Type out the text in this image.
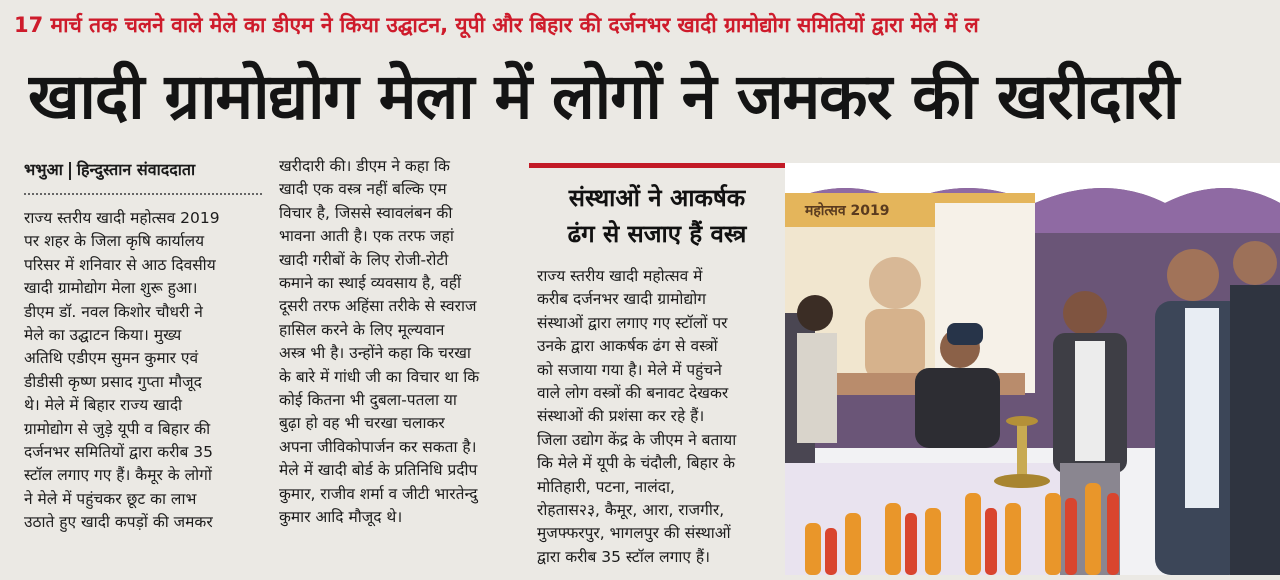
17 मार्च तक चलने वाले मेले का डीएम ने किया उद्घाटन, यूपी और बिहार की दर्जनभर खादी ग्रामोद्योग समितियों द्वारा मेले में ल
खादी ग्रामोद्योग मेला में लोगों ने जमकर की खरीदारी
भभुआ हिन्दुस्तान संवाददाता

राज्य स्तरीय खादी महोत्सव 2019

पर शहर के जिला कृषि कार्यालय

परिसर में शनिवार से आठ दिवसीय

खादी ग्रामोद्योग मेला शुरू हुआ।

डीएम डॉ. नवल किशोर चौधरी ने

मेले का उद्घाटन किया। मुख्य

अतिथि एडीएम सुमन कुमार एवं

डीडीसी कृष्ण प्रसाद गुप्ता मौजूद

थे। मेले में बिहार राज्य खादी

ग्रामोद्योग से जुड़े यूपी व बिहार की

दर्जनभर समितियों द्वारा करीब 35

स्टॉल लगाए गए हैं। कैमूर के लोगों

ने मेले में पहुंचकर छूट का लाभ

उठाते हुए खादी कपड़ों की जमकर

खरीदारी की। डीएम ने कहा कि

खादी एक वस्त्र नहीं बल्कि एम

विचार है, जिससे स्वावलंबन की

भावना आती है। एक तरफ जहां

खादी गरीबों के लिए रोजी-रोटी

कमाने का स्थाई व्यवसाय है, वहीं

दूसरी तरफ अहिंसा तरीके से स्वराज

हासिल करने के लिए मूल्यवान

अस्त्र भी है। उन्होंने कहा कि चरखा

के बारे में गांधी जी का विचार था कि

कोई कितना भी दुबला-पतला या

बुढ़ा हो वह भी चरखा चलाकर

अपना जीविकोपार्जन कर सकता है।

मेले में खादी बोर्ड के प्रतिनिधि प्रदीप

कुमार, राजीव शर्मा व जीटी भारतेन्दु

कुमार आदि मौजूद थे।

संस्थाओं ने आकर्षक
ढंग से सजाए हैं वस्त्र

राज्य स्तरीय खादी महोत्सव में

करीब दर्जनभर खादी ग्रामोद्योग

संस्थाओं द्वारा लगाए गए स्टॉलों पर

उनके द्वारा आकर्षक ढंग से वस्त्रों

को सजाया गया है। मेले में पहुंचने

वाले लोग वस्त्रों की बनावट देखकर

संस्थाओं की प्रशंसा कर रहे हैं।

जिला उद्योग केंद्र के जीएम ने बताया

कि मेले में यूपी के चंदौली, बिहार के

मोतिहारी, पटना, नालंदा,

रोहतास२३, कैमूर, आरा, राजगीर,

मुजफ्फरपुर, भागलपुर की संस्थाओं

द्वारा करीब 35 स्टॉल लगाए हैं।

महोत्सव 2019
